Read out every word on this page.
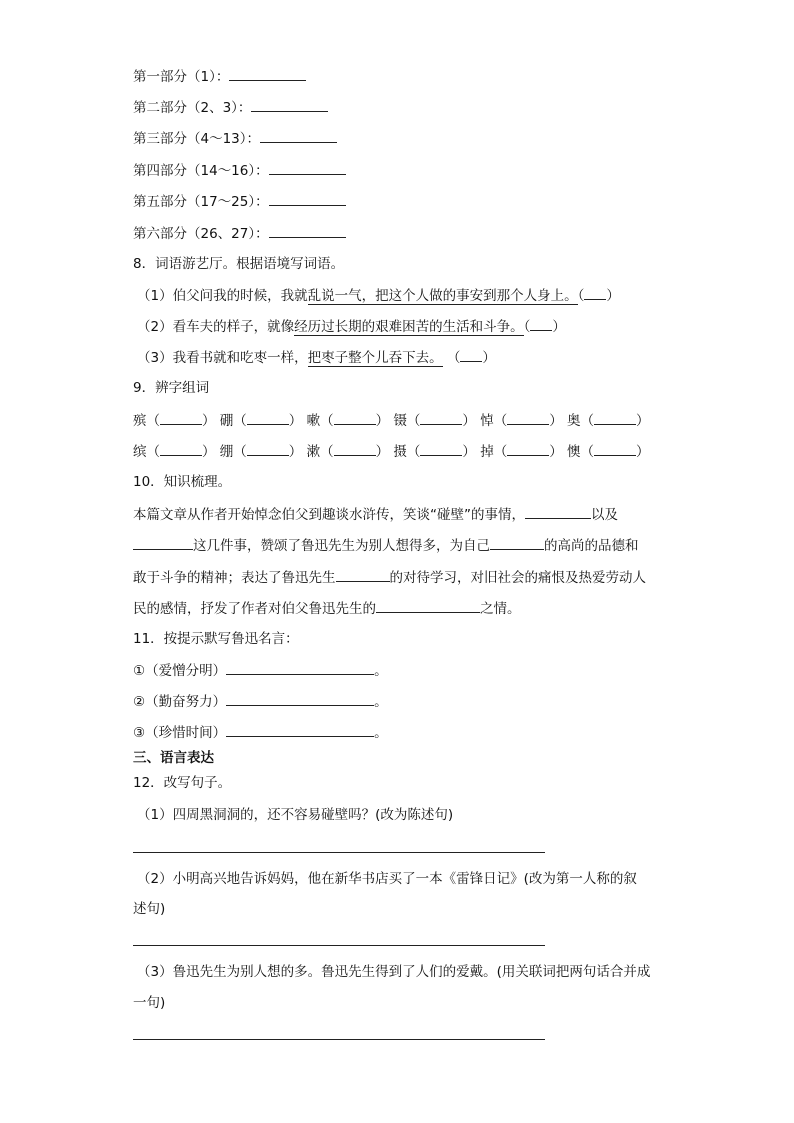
第一部分（1）：
第二部分（2、3）：
第三部分（4～13）：
第四部分（14～16）：
第五部分（17～25）：
第六部分（26、27）：
8．词语游艺厅。根据语境写词语。
（1）伯父问我的时候，我就乱说一气，把这个人做的事安到那个人身上。（ ）
（2）看车夫的样子，就像经历过长期的艰难困苦的生活和斗争。（ ）
（3）我看书就和吃枣一样，把枣子整个儿吞下去。 （ ）
9．辨字组词
殡（	） 硼（	） 嗽（	） 镊（	） 悼（	） 奥（	）
缤（	） 绷（	） 漱（	） 摄（	） 掉（	） 懊（	）
10．知识梳理。
本篇文章从作者开始悼念伯父到趣谈水浒传，笑谈“碰壁”的事情，	以及
这几件事，赞颂了鲁迅先生为别人想得多，为自己	的高尚的品德和
敢于斗争的精神；表达了鲁迅先生	的对待学习，对旧社会的痛恨及热爱劳动人
民的感情，抒发了作者对伯父鲁迅先生的	之情。
11．按提示默写鲁迅名言：
①（爱憎分明）	。
②（勤奋努力）	。
③（珍惜时间）	。
三、语言表达
12．改写句子。
（1）四周黑洞洞的，还不容易碰壁吗？(改为陈述句)
（2）小明高兴地告诉妈妈，他在新华书店买了一本《雷锋日记》(改为第一人称的叙
述句)
（3）鲁迅先生为别人想的多。鲁迅先生得到了人们的爱戴。(用关联词把两句话合并成
一句)
